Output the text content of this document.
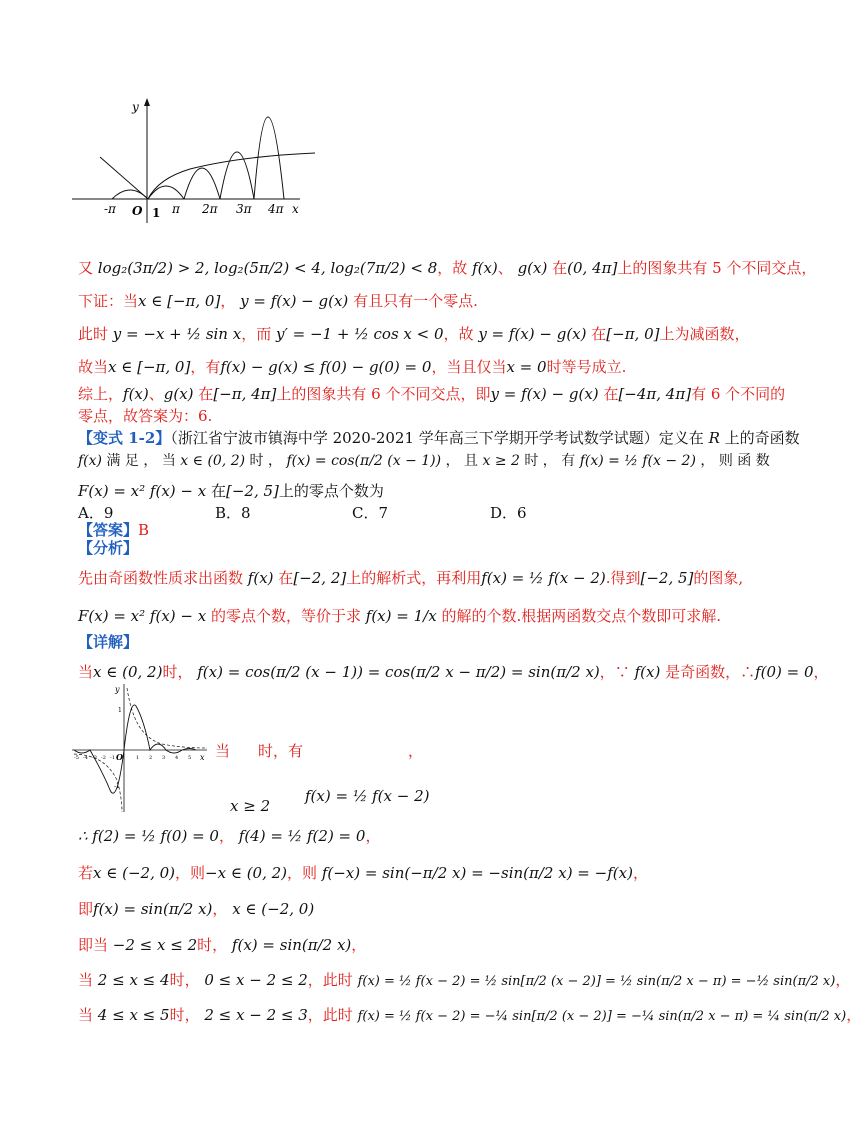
y
x
-π O 1 π 2π 3π 4π
又 log₂(3π/2) > 2, log₂(5π/2) < 4, log₂(7π/2) < 8，故 f(x)、 g(x) 在(0, 4π]上的图象共有 5 个不同交点，
下证：当x ∈ [−π, 0]， y = f(x) − g(x) 有且只有一个零点.
此时 y = −x + ½ sin x，而 y′ = −1 + ½ cos x < 0，故 y = f(x) − g(x) 在[−π, 0]上为减函数，
故当x ∈ [−π, 0]，有f(x) − g(x) ≤ f(0) − g(0) = 0，当且仅当x = 0时等号成立.
综上，f(x)、g(x) 在[−π, 4π]上的图象共有 6 个不同交点，即y = f(x) − g(x) 在[−4π, 4π]有 6 个不同的
零点，故答案为：6.
【变式 1-2】（浙江省宁波市镇海中学 2020-2021 学年高三下学期开学考试数学试题）定义在 R 上的奇函数
f(x) 满 足 ， 当 x ∈ (0, 2) 时 ， f(x) = cos(π/2 (x − 1)) ， 且 x ≥ 2 时 ， 有 f(x) = ½ f(x − 2) ， 则 函 数
F(x) = x² f(x) − x 在[−2, 5]上的零点个数为
A．9	B．8	C．7	D．6
【答案】B
【分析】
先由奇函数性质求出函数 f(x) 在[−2, 2]上的解析式，再利用f(x) = ½ f(x − 2).得到[−2, 5]的图象,
F(x) = x² f(x) − x 的零点个数，等价于求 f(x) = 1/x 的解的个数.根据两函数交点个数即可求解.
【详解】
当x ∈ (0, 2)时， f(x) = cos(π/2 (x − 1)) = cos(π/2 x − π/2) = sin(π/2 x)，∵ f(x) 是奇函数，∴f(0) = 0，
y
x
O
1
-1
-5 -4 -3 -2 -1	1 2 3 4 5 当 时，有	，
x ≥ 2
f(x) = ½ f(x − 2)
∴ f(2) = ½ f(0) = 0， f(4) = ½ f(2) = 0，
若x ∈ (−2, 0)，则−x ∈ (0, 2)，则 f(−x) = sin(−π/2 x) = −sin(π/2 x) = −f(x)，
即f(x) = sin(π/2 x)， x ∈ (−2, 0)
即当 −2 ≤ x ≤ 2时， f(x) = sin(π/2 x)，
当 2 ≤ x ≤ 4时， 0 ≤ x − 2 ≤ 2，此时 f(x) = ½ f(x − 2) = ½ sin[π/2 (x − 2)] = ½ sin(π/2 x − π) = −½ sin(π/2 x)，
当 4 ≤ x ≤ 5时， 2 ≤ x − 2 ≤ 3，此时 f(x) = ½ f(x − 2) = −¼ sin[π/2 (x − 2)] = −¼ sin(π/2 x − π) = ¼ sin(π/2 x)，
